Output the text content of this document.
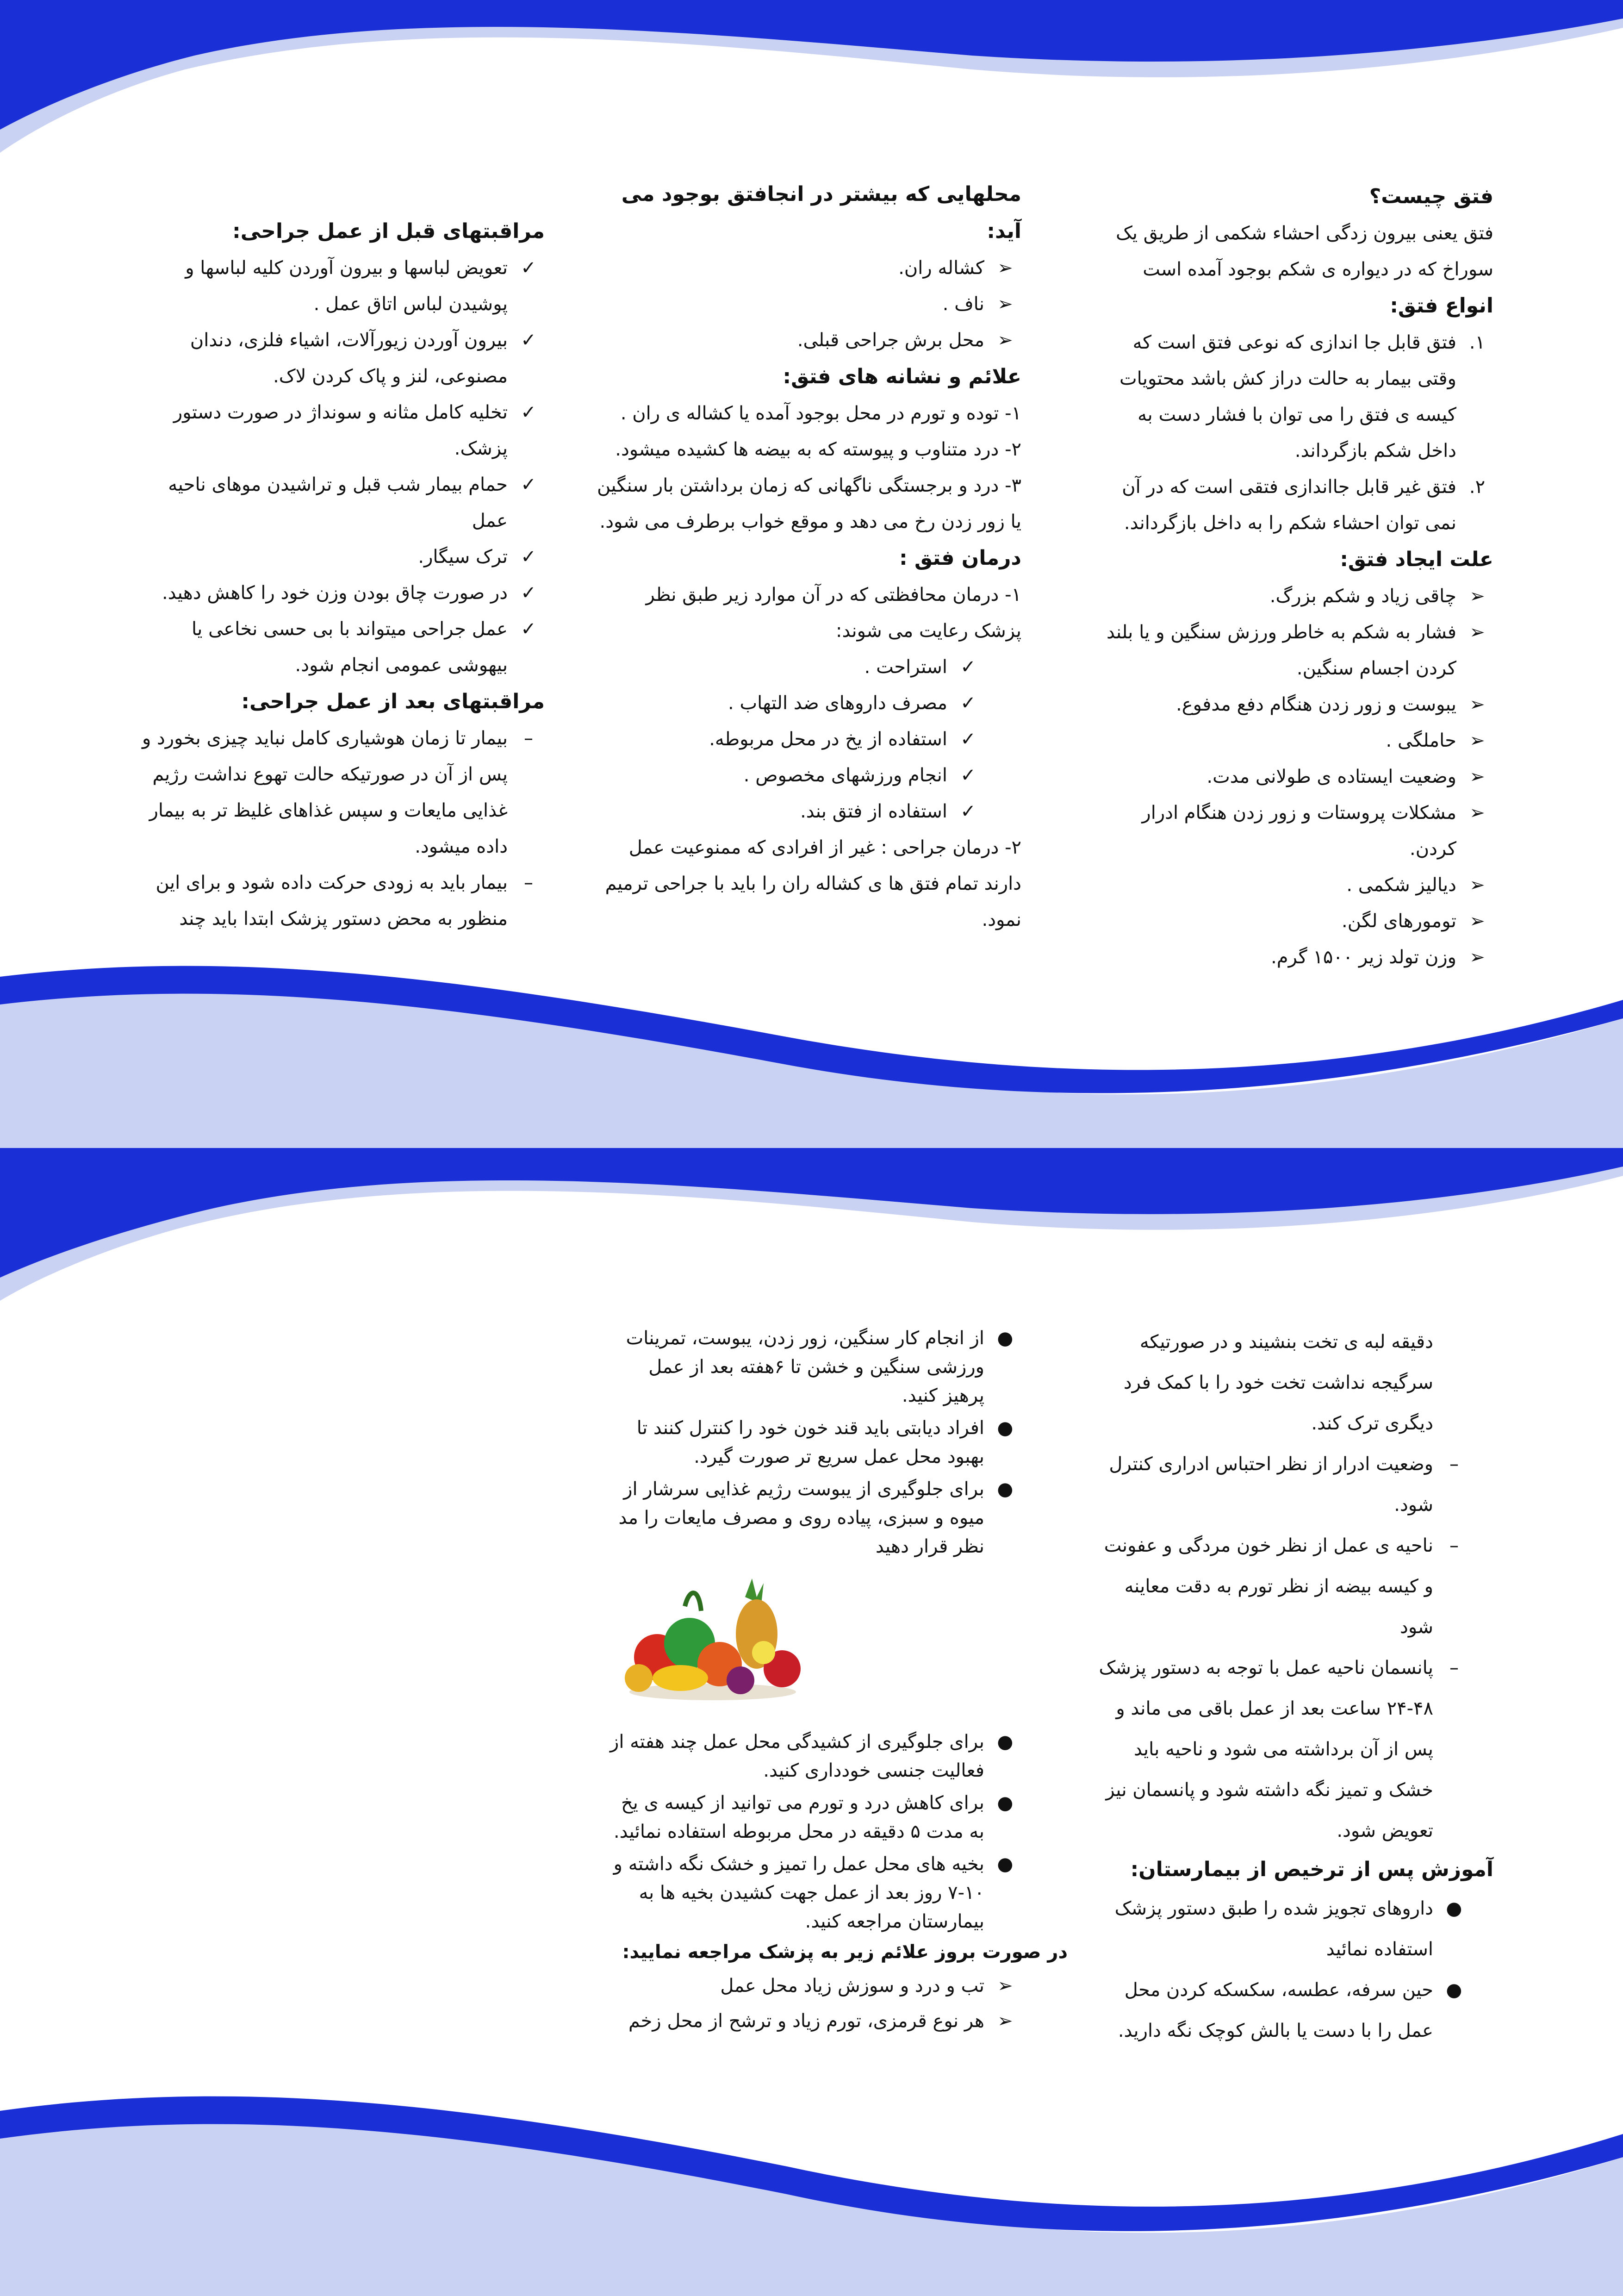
فتق چیست؟

فتق یعنی بیرون زدگی احشاء شکمی از طریق یک سوراخ که در دیواره ی شکم بوجود آمده است

انواع فتق:
۱.
فتق قابل جا اندازی که نوعی فتق است که وقتی بیمار به حالت دراز کش باشد محتویات کیسه ی فتق را می توان با فشار دست به داخل شکم بازگرداند.
۲.
فتق غیر قابل جااندازی فتقی است که در آن نمی توان احشاء شکم را به داخل بازگرداند.
علت ایجاد فتق:
➢
چاقی زیاد و شکم بزرگ.
➢
فشار به شکم به خاطر ورزش سنگین و یا بلند کردن اجسام سنگین.
➢
یبوست و زور زدن هنگام دفع مدفوع.
➢
حاملگی .
➢
وضعیت ایستاده ی طولانی مدت.
➢
مشکلات پروستات و زور زدن هنگام ادرار کردن.
➢
دیالیز شکمی .
➢
تومورهای لگن.
➢
وزن تولد زیر ۱۵۰۰ گرم.
محلهایی که بیشتر در انجافتق بوجود می آید:
➢
کشاله ران.
➢
ناف .
➢
محل برش جراحی قبلی.
علائم و نشانه های فتق:

۱- توده و تورم در محل بوجود آمده یا کشاله ی ران .

۲- درد متناوب و پیوسته که به بیضه ها کشیده میشود.

۳- درد و برجستگی ناگهانی که زمان برداشتن بار سنگین یا زور زدن رخ می دهد و موقع خواب برطرف می شود.

درمان فتق :

۱- درمان محافظتی که در آن موارد زیر طبق نظر پزشک رعایت می شوند:

✓
استراحت .
✓
مصرف داروهای ضد التهاب .
✓
استفاده از یخ در محل مربوطه.
✓
انجام ورزشهای مخصوص .
✓
استفاده از فتق بند.

۲- درمان جراحی : غیر از افرادی که ممنوعیت عمل دارند تمام فتق ها ی کشاله ران را باید با جراحی ترمیم نمود.

مراقبتهای قبل از عمل جراحی:
✓
تعویض لباسها و بیرون آوردن کلیه لباسها و پوشیدن لباس اتاق عمل .
✓
بیرون آوردن زیورآلات، اشیاء فلزی، دندان مصنوعی، لنز و پاک کردن لاک.
✓
تخلیه کامل مثانه و سونداژ در صورت دستور پزشک.
✓
حمام بیمار شب قبل و تراشیدن موهای ناحیه عمل
✓
ترک سیگار.
✓
در صورت چاق بودن وزن خود را کاهش دهید.
✓
عمل جراحی میتواند با بی حسی نخاعی یا بیهوشی عمومی انجام شود.
مراقبتهای بعد از عمل جراحی:
–
بیمار تا زمان هوشیاری کامل نباید چیزی بخورد و پس از آن در صورتیکه حالت تهوع نداشت رژیم غذایی مایعات و سپس غذاهای غلیظ تر به بیمار داده میشود.
–
بیمار باید به زودی حرکت داده شود و برای این منظور به محض دستور پزشک ابتدا باید چند
دقیقه لبه ی تخت بنشیند و در صورتیکه سرگیجه نداشت تخت خود را با کمک فرد دیگری ترک کند.
–
وضعیت ادرار از نظر احتباس ادراری کنترل شود.
–
ناحیه ی عمل از نظر خون مردگی و عفونت و کیسه بیضه از نظر تورم به دقت معاینه شود
–
پانسمان ناحیه عمل با توجه به دستور پزشک ۴۸-۲۴ ساعت بعد از عمل باقی می ماند و پس از آن برداشته می شود و ناحیه باید خشک و تمیز نگه داشته شود و پانسمان نیز تعویض شود.
آموزش پس از ترخیص از بیمارستان:
●
داروهای تجویز شده را طبق دستور پزشک استفاده نمائید
●
حین سرفه، عطسه، سکسکه کردن محل عمل را با دست یا بالش کوچک نگه دارید.
●
از انجام کار سنگین، زور زدن، یبوست، تمرینات ورزشی سنگین و خشن تا ۶هفته بعد از عمل پرهیز کنید.
●
افراد دیابتی باید قند خون خود را کنترل کنند تا بهبود محل عمل سریع تر صورت گیرد.
●
برای جلوگیری از یبوست رژیم غذایی سرشار از میوه و سبزی، پیاده روی و مصرف مایعات را مد نظر قرار دهید
●
برای جلوگیری از کشیدگی محل عمل چند هفته از فعالیت جنسی خودداری کنید.
●
برای کاهش درد و تورم می توانید از کیسه ی یخ به مدت ۵ دقیقه در محل مربوطه استفاده نمائید.
●
بخیه های محل عمل را تمیز و خشک نگه داشته و ۱۰-۷ روز بعد از عمل جهت کشیدن بخیه ها به بیمارستان مراجعه کنید.
در صورت بروز علائم زیر به پزشک مراجعه نمایید:
➢
تب و درد و سوزش زیاد محل عمل
➢
هر نوع قرمزی، تورم زیاد و ترشح از محل زخم
